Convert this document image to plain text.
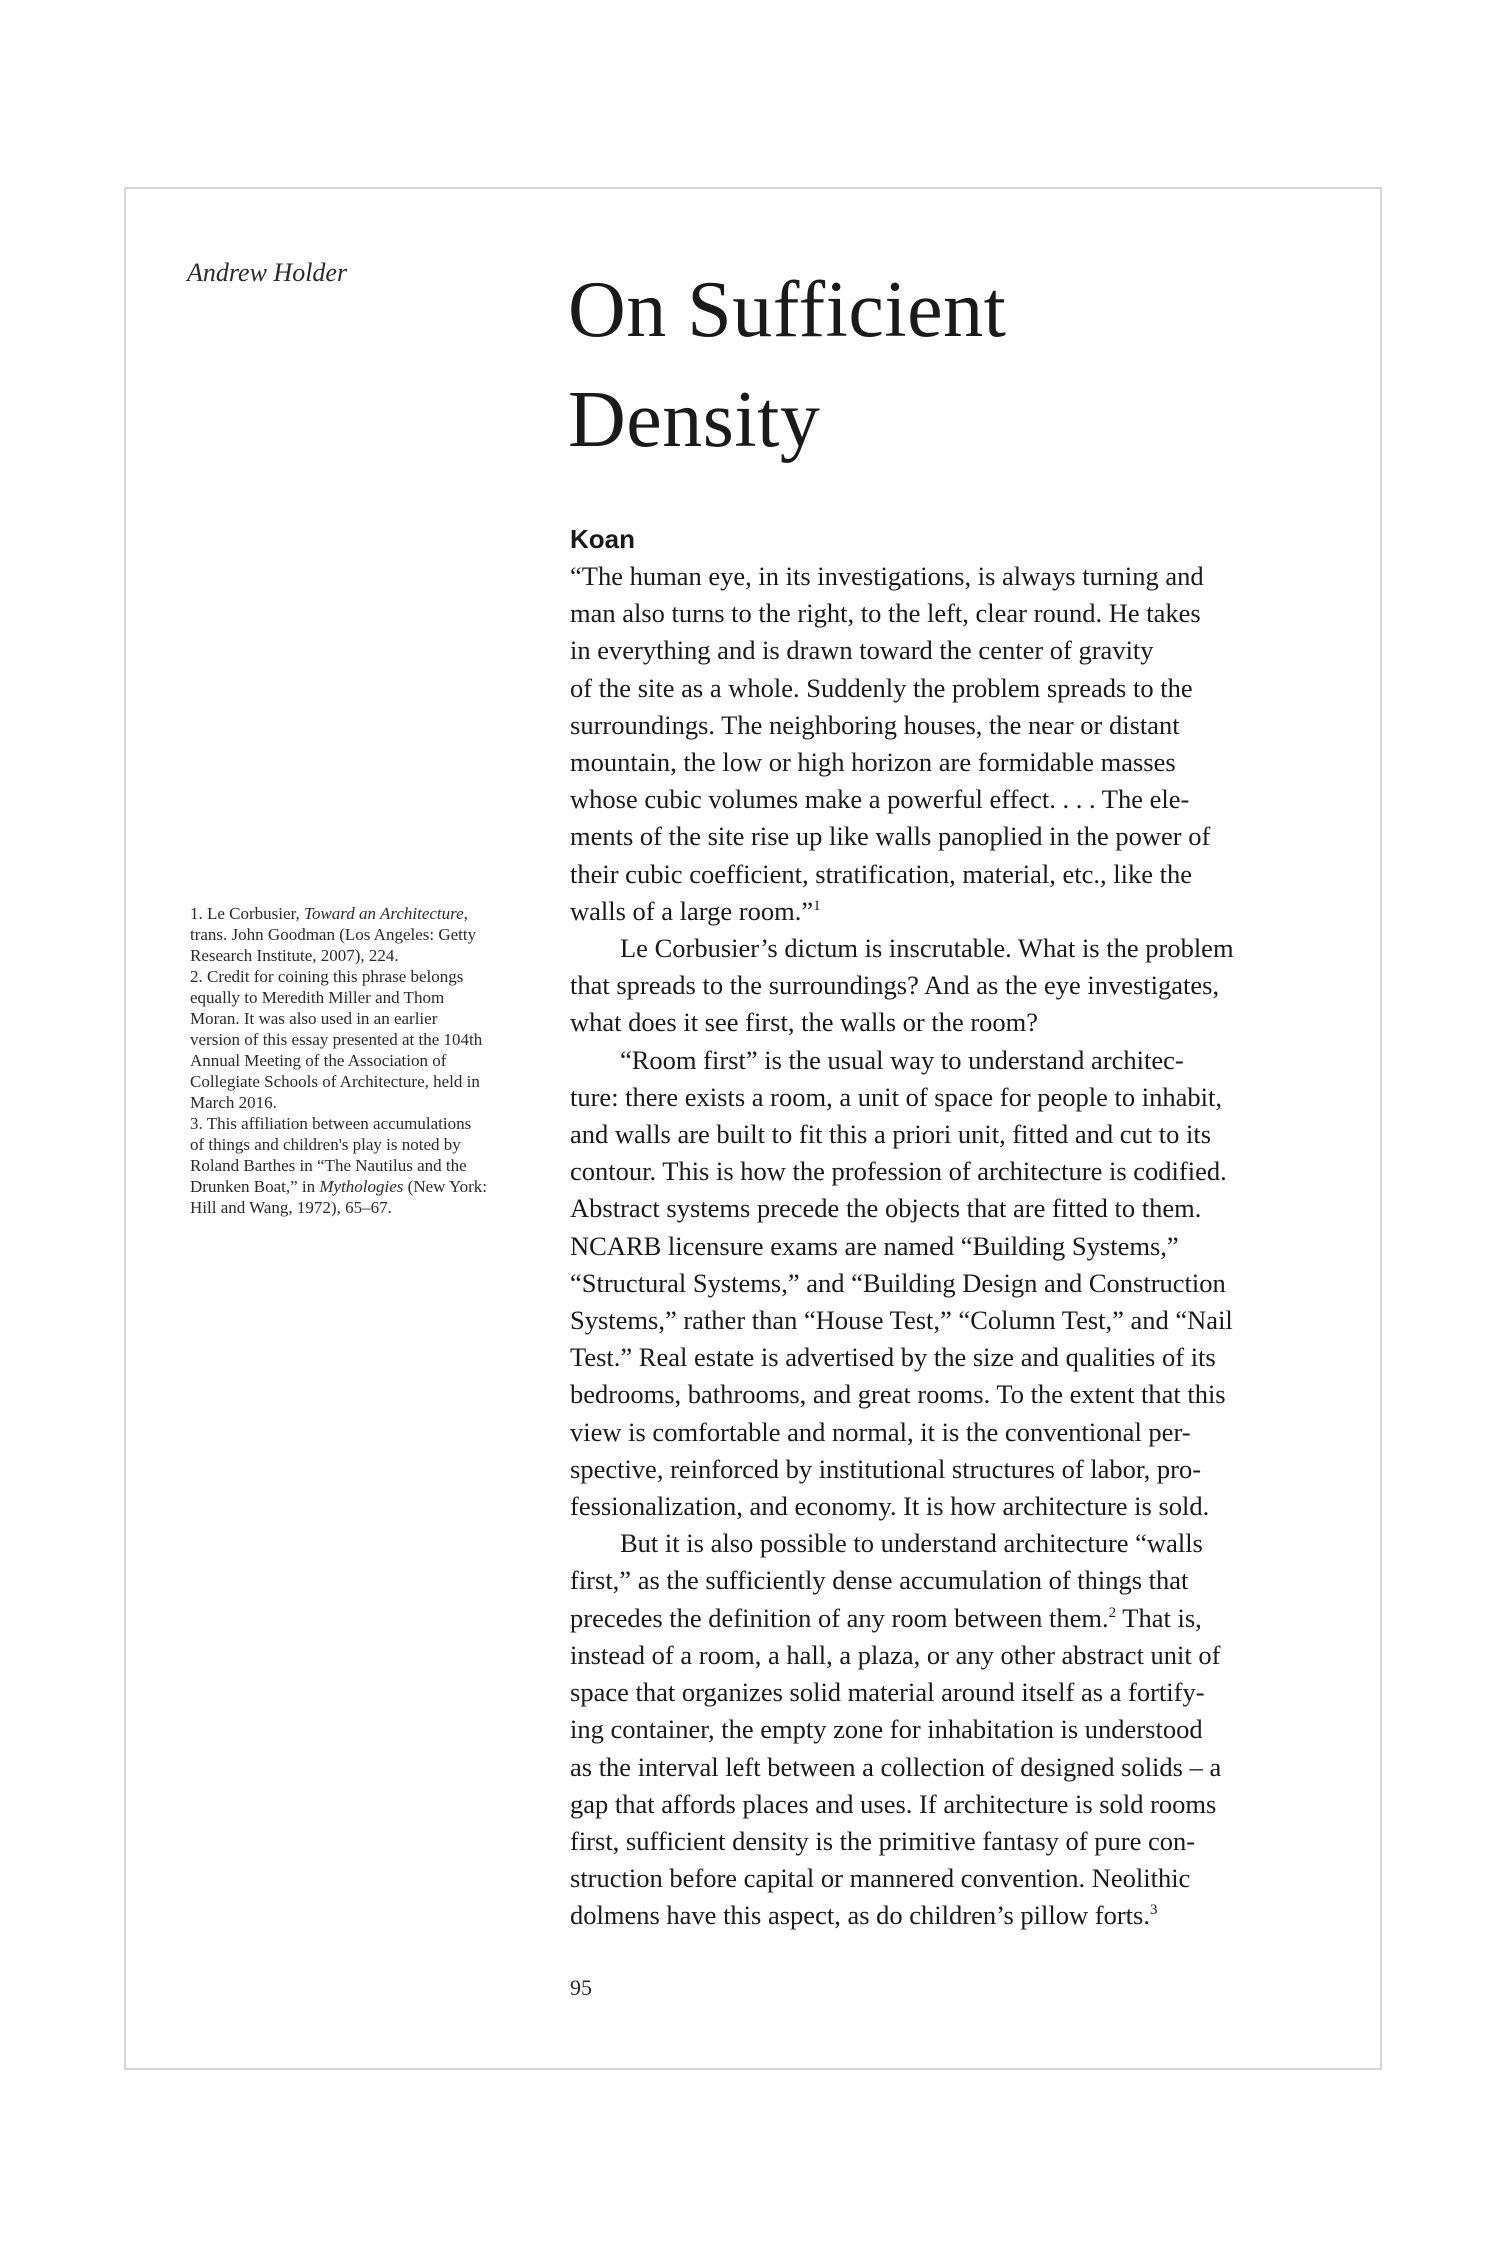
Andrew Holder	On Sufficient
Density

1. Le Corbusier, Toward an Architecture,
trans. John Goodman (Los Angeles: Getty
Research Institute, 2007), 224.

2. Credit for coining this phrase belongs
equally to Meredith Miller and Thom
Moran. It was also used in an earlier
version of this essay presented at the 104th
Annual Meeting of the Association of
Collegiate Schools of Architecture, held in
March 2016.

3. This affiliation between accumulations
of things and children's play is noted by
Roland Barthes in “The Nautilus and the
Drunken Boat,” in Mythologies (New York:
Hill and Wang, 1972), 65–67.

Koan
“The human eye, in its investigations, is always turning and
man also turns to the right, to the left, clear round. He takes
in everything and is drawn toward the center of gravity
of the site as a whole. Suddenly the problem spreads to the
surroundings. The neighboring houses, the near or distant
mountain, the low or high horizon are formidable masses
whose cubic volumes make a powerful effect. . . . The ele-
ments of the site rise up like walls panoplied in the power of
their cubic coefficient, stratification, material, etc., like the
walls of a large room.”$^1$
Le Corbusier’s dictum is inscrutable. What is the problem
that spreads to the surroundings? And as the eye investigates,
what does it see first, the walls or the room?
“Room first” is the usual way to understand architec-
ture: there exists a room, a unit of space for people to inhabit,
and walls are built to fit this a priori unit, fitted and cut to its
contour. This is how the profession of architecture is codified.
Abstract systems precede the objects that are fitted to them.
NCARB licensure exams are named “Building Systems,”
“Structural Systems,” and “Building Design and Construction
Systems,” rather than “House Test,” “Column Test,” and “Nail
Test.” Real estate is advertised by the size and qualities of its
bedrooms, bathrooms, and great rooms. To the extent that this
view is comfortable and normal, it is the conventional per-
spective, reinforced by institutional structures of labor, pro-
fessionalization, and economy. It is how architecture is sold.
But it is also possible to understand architecture “walls
first,” as the sufficiently dense accumulation of things that
precedes the definition of any room between them.$^2$ That is,
instead of a room, a hall, a plaza, or any other abstract unit of
space that organizes solid material around itself as a fortify-
ing container, the empty zone for inhabitation is understood
as the interval left between a collection of designed solids – a
gap that affords places and uses. If architecture is sold rooms
first, sufficient density is the primitive fantasy of pure con-
struction before capital or mannered convention. Neolithic
dolmens have this aspect, as do children’s pillow forts.$^3$
95
